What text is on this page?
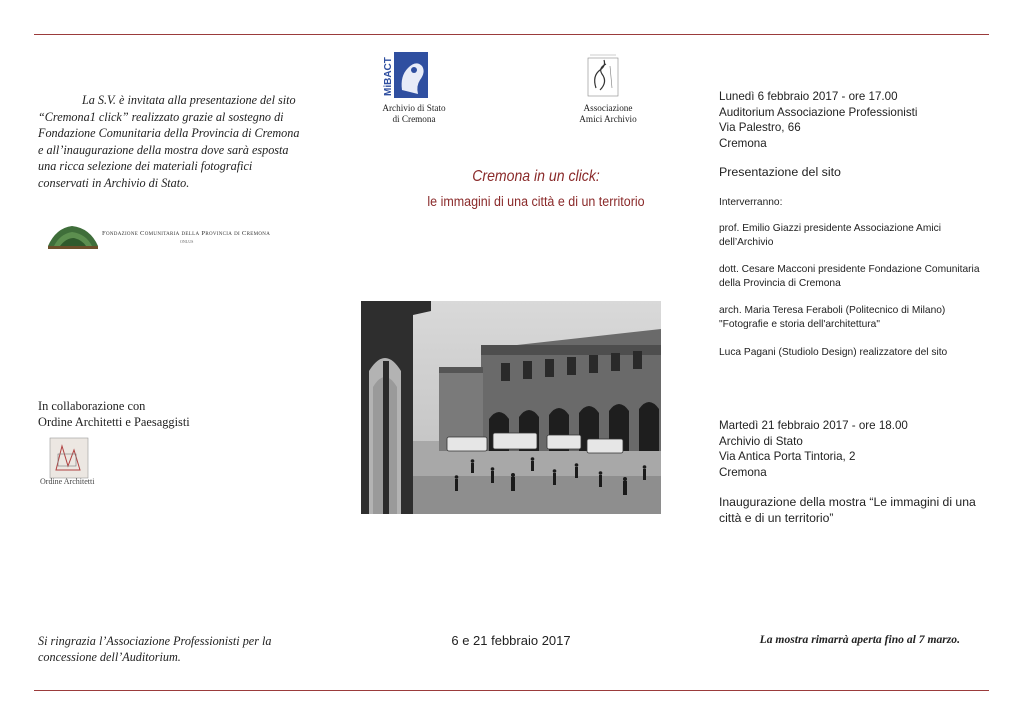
La S.V. è invitata alla presentazione del sito “Cremona1 click” realizzato grazie al sostegno di Fondazione Comunitaria della Provincia di Cremona e all’inaugurazione della mostra dove sarà esposta una ricca selezione dei materiali fotografici conservati in Archivio di Stato.
Fondazione Comunitaria della Provincia di Cremona
ONLUS
In collaborazione con
Ordine Architetti e Paesaggisti
Ordine Architetti
Si ringrazia l’Associazione Professionisti per la concessione dell’Auditorium.
MiBACT
Archivio di Stato
di Cremona
Associazione
Amici Archivio
Cremona in un click:
le immagini di una città e di un territorio
6 e 21 febbraio 2017
Lunedì 6 febbraio 2017 - ore 17.00
Auditorium Associazione Professionisti
Via Palestro, 66
Cremona
Presentazione del sito
Interverranno:
prof. Emilio Giazzi presidente Associazione Amici dell’Archivio
dott. Cesare Macconi presidente Fondazione Comunitaria della Provincia di Cremona
arch. Maria Teresa Feraboli (Politecnico di Milano) "Fotografie e storia dell'architettura"
Luca Pagani (Studiolo Design) realizzatore del sito
Martedì 21 febbraio 2017 - ore 18.00
Archivio di Stato
Via Antica Porta Tintoria, 2
Cremona
Inaugurazione della mostra “Le immagini di una città e di un territorio”
La mostra rimarrà aperta fino al 7 marzo.
